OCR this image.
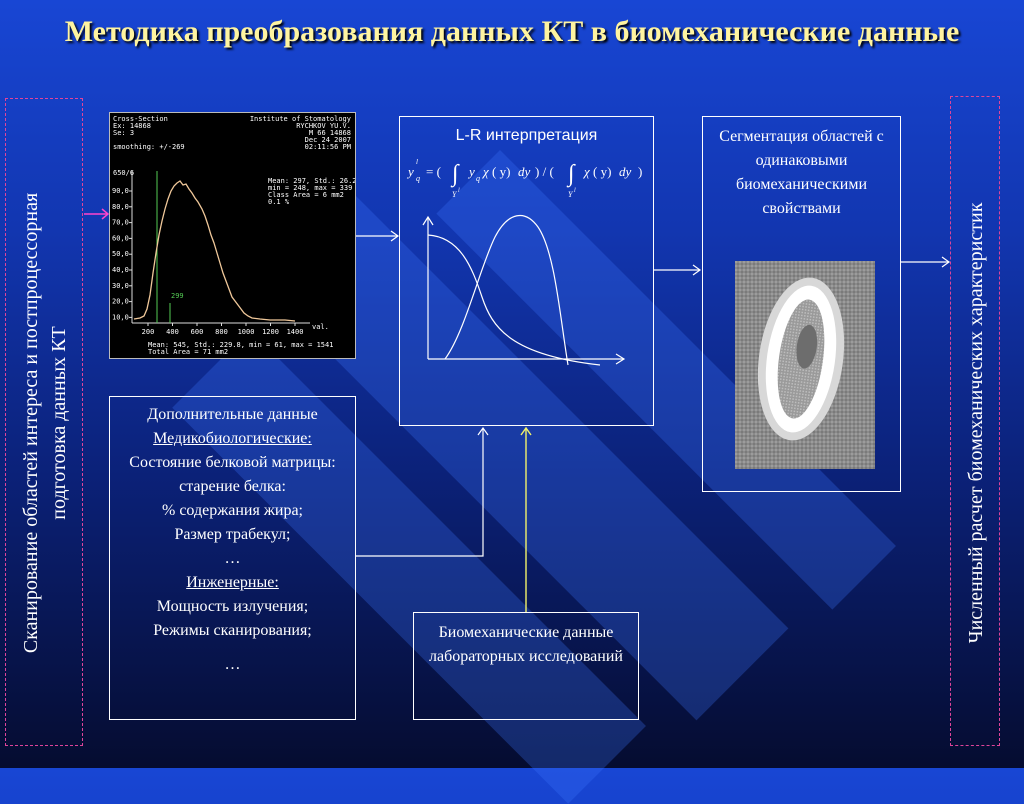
Методика преобразования данных КТ в биомеханические данные
Сканирование областей интереса и постпроцессорная подготовка данных КТ	Численный расчет биомеханических характеристик
Cross-Section
Ex: 14868
Se: 3
Institute of Stomatology
RYCHKOV YU.V.
M 66 14868
Dec 24 2007
02:11:56 PM
smoothing: +/-269
650/6
Mean: 297, Std.: 26.2
min = 248, max = 339
Class Area = 6 mm2
0.1 %
299
90,0
80,0
70,0
60,0
50,0
40,0
30,0
20,0
10,0
200 400 600 800 1000 1200 1400
val.
Mean: 545, Std.: 229.8, min = 61, max = 1541
Total Area = 71 mm2
L-R интерпретация
y q
l
= ( ∫
Y l
y q χ ( y) dy ) / ( ∫
Y l
χ ( y) dy )
Сегментация областей с одинаковыми биомеханическими свойствами
Дополнительные данные
Медикобиологические:
Состояние белковой матрицы:
старение белка:
% содержания жира;
Размер трабекул;
…
Инженерные:
Мощность излучения;
Режимы сканирования;
…
Биомеханические данные лабораторных исследований
